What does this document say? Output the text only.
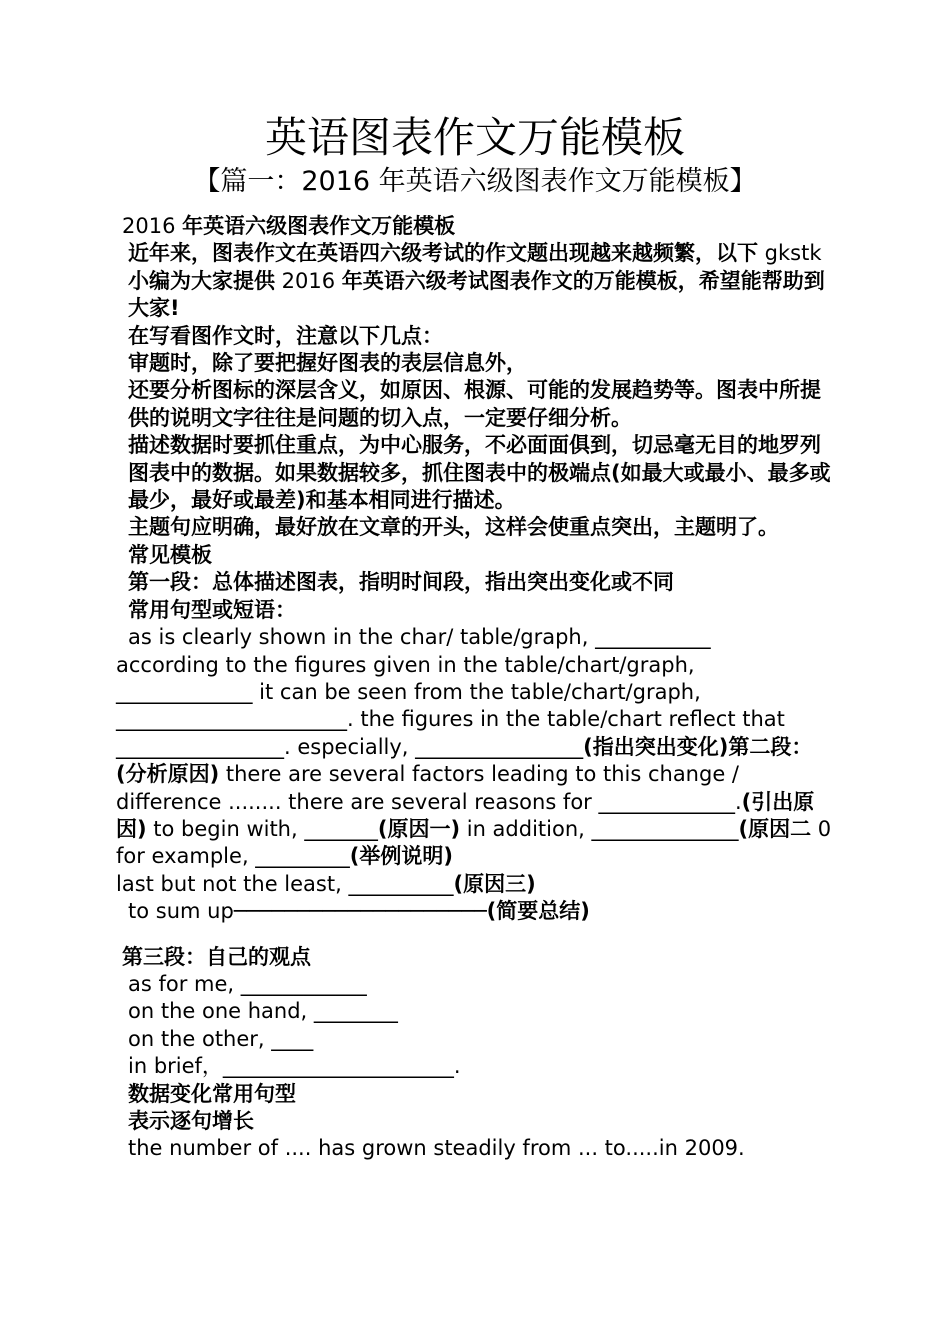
英语图表作文万能模板
【篇一：2016 年英语六级图表作文万能模板】

2016 年英语六级图表作文万能模板

近年来，图表作文在英语四六级考试的作文题出现越来越频繁，以下 gkstk 小编为大家提供 2016 年英语六级考试图表作文的万能模板，希望能帮助到大家!

在写看图作文时，注意以下几点：

审题时，除了要把握好图表的表层信息外，

还要分析图标的深层含义，如原因、根源、可能的发展趋势等。图表中所提供的说明文字往往是问题的切入点，一定要仔细分析。

描述数据时要抓住重点，为中心服务，不必面面俱到，切忌毫无目的地罗列图表中的数据。如果数据较多，抓住图表中的极端点(如最大或最小、最多或最少，最好或最差)和基本相同进行描述。

主题句应明确，最好放在文章的开头，这样会使重点突出，主题明了。

常见模板

第一段：总体描述图表，指明时间段，指出突出变化或不同

常用句型或短语：

as is clearly shown in the char/ table/graph, ___________

according to the figures given in the table/chart/graph,

_____________ it can be seen from the table/chart/graph,

______________________. the figures in the table/chart reflect that

________________. especially, ________________(指出突出变化)第二段：(分析原因) there are several factors leading to this change / difference ........ there are several reasons for _____________.(引出原因) to begin with, _______(原因一) in addition, ______________(原因二 0 for example, _________(举例说明)

last but not the least, __________(原因三)

to sum up────────────────────(简要总结)

第三段：自己的观点

as for me, ____________

on the one hand, ________

on the other, ____

in brief，______________________.

数据变化常用句型

表示逐句增长

the number of .... has grown steadily from ... to.....in 2009.
